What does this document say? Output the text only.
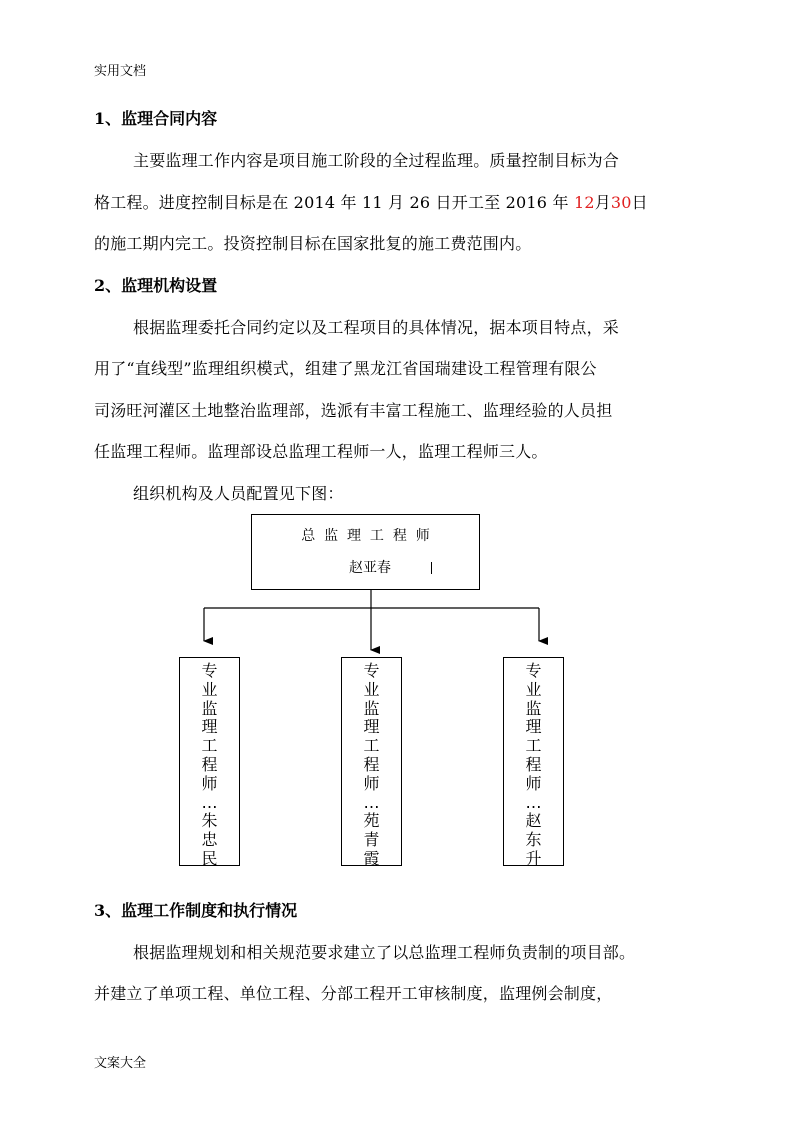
实用文档
1、监理合同内容
主要监理工作内容是项目施工阶段的全过程监理。质量控制目标为合
格工程。进度控制目标是在 2014 年 11 月 26 日开工至 2016 年 12月30日
的施工期内完工。投资控制目标在国家批复的施工费范围内。
2、监理机构设置
根据监理委托合同约定以及工程项目的具体情况，据本项目特点，采
用了“直线型”监理组织模式，组建了黑龙江省国瑞建设工程管理有限公
司汤旺河灌区土地整治监理部，选派有丰富工程施工、监理经验的人员担
任监理工程师。监理部设总监理工程师一人，监理工程师三人。
组织机构及人员配置见下图：
总  监  理  工  程  师
赵亚春
专
业
监
理
工
程
师
…
朱
忠
民
专
业
监
理
工
程
师
…
苑
青
霞
专
业
监
理
工
程
师
…
赵
东
升
3、监理工作制度和执行情况
根据监理规划和相关规范要求建立了以总监理工程师负责制的项目部。
并建立了单项工程、单位工程、分部工程开工审核制度，监理例会制度，
文案大全
